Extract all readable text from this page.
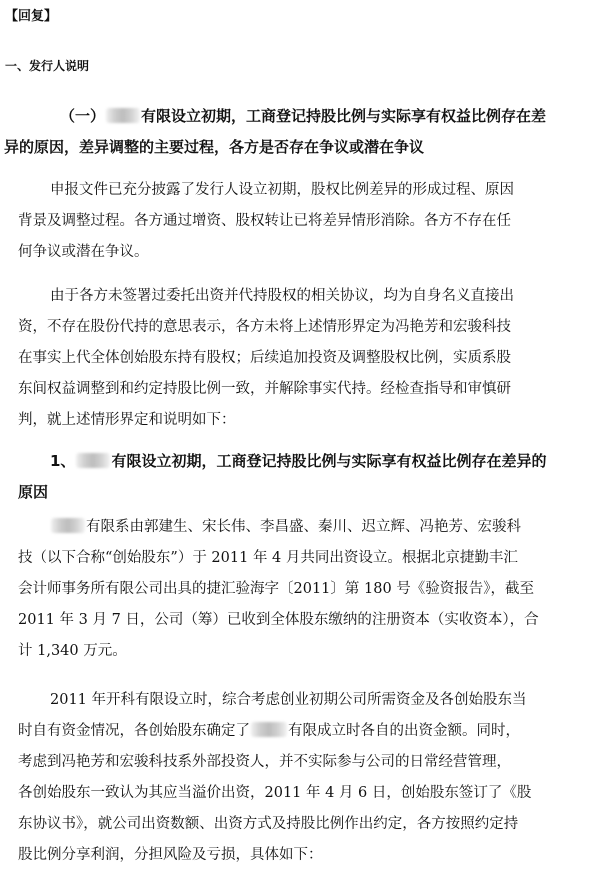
【回复】
一、发行人说明
（一） 有限设立初期，工商登记持股比例与实际享有权益比例存在差
异的原因，差异调整的主要过程，各方是否存在争议或潜在争议
申报文件已充分披露了发行人设立初期，股权比例差异的形成过程、原因
背景及调整过程。各方通过增资、股权转让已将差异情形消除。各方不存在任
何争议或潜在争议。
由于各方未签署过委托出资并代持股权的相关协议，均为自身名义直接出
资，不存在股份代持的意思表示，各方未将上述情形界定为冯艳芳和宏骏科技
在事实上代全体创始股东持有股权；后续追加投资及调整股权比例，实质系股
东间权益调整到和约定持股比例一致，并解除事实代持。经检查指导和审慎研
判，就上述情形界定和说明如下：
1、 有限设立初期，工商登记持股比例与实际享有权益比例存在差异的
原因
有限系由郭建生、宋长伟、李昌盛、秦川、迟立辉、冯艳芳、宏骏科
技（以下合称“创始股东”）于 2011 年 4 月共同出资设立。根据北京捷勤丰汇
会计师事务所有限公司出具的捷汇验海字〔2011〕第 180 号《验资报告》，截至
2011 年 3 月 7 日，公司（筹）已收到全体股东缴纳的注册资本（实收资本），合
计 1,340 万元。
2011 年开科有限设立时，综合考虑创业初期公司所需资金及各创始股东当
时自有资金情况，各创始股东确定了	有限成立时各自的出资金额。同时，
考虑到冯艳芳和宏骏科技系外部投资人，并不实际参与公司的日常经营管理，
各创始股东一致认为其应当溢价出资，2011 年 4 月 6 日，创始股东签订了《股
东协议书》，就公司出资数额、出资方式及持股比例作出约定，各方按照约定持
股比例分享利润，分担风险及亏损，具体如下：
